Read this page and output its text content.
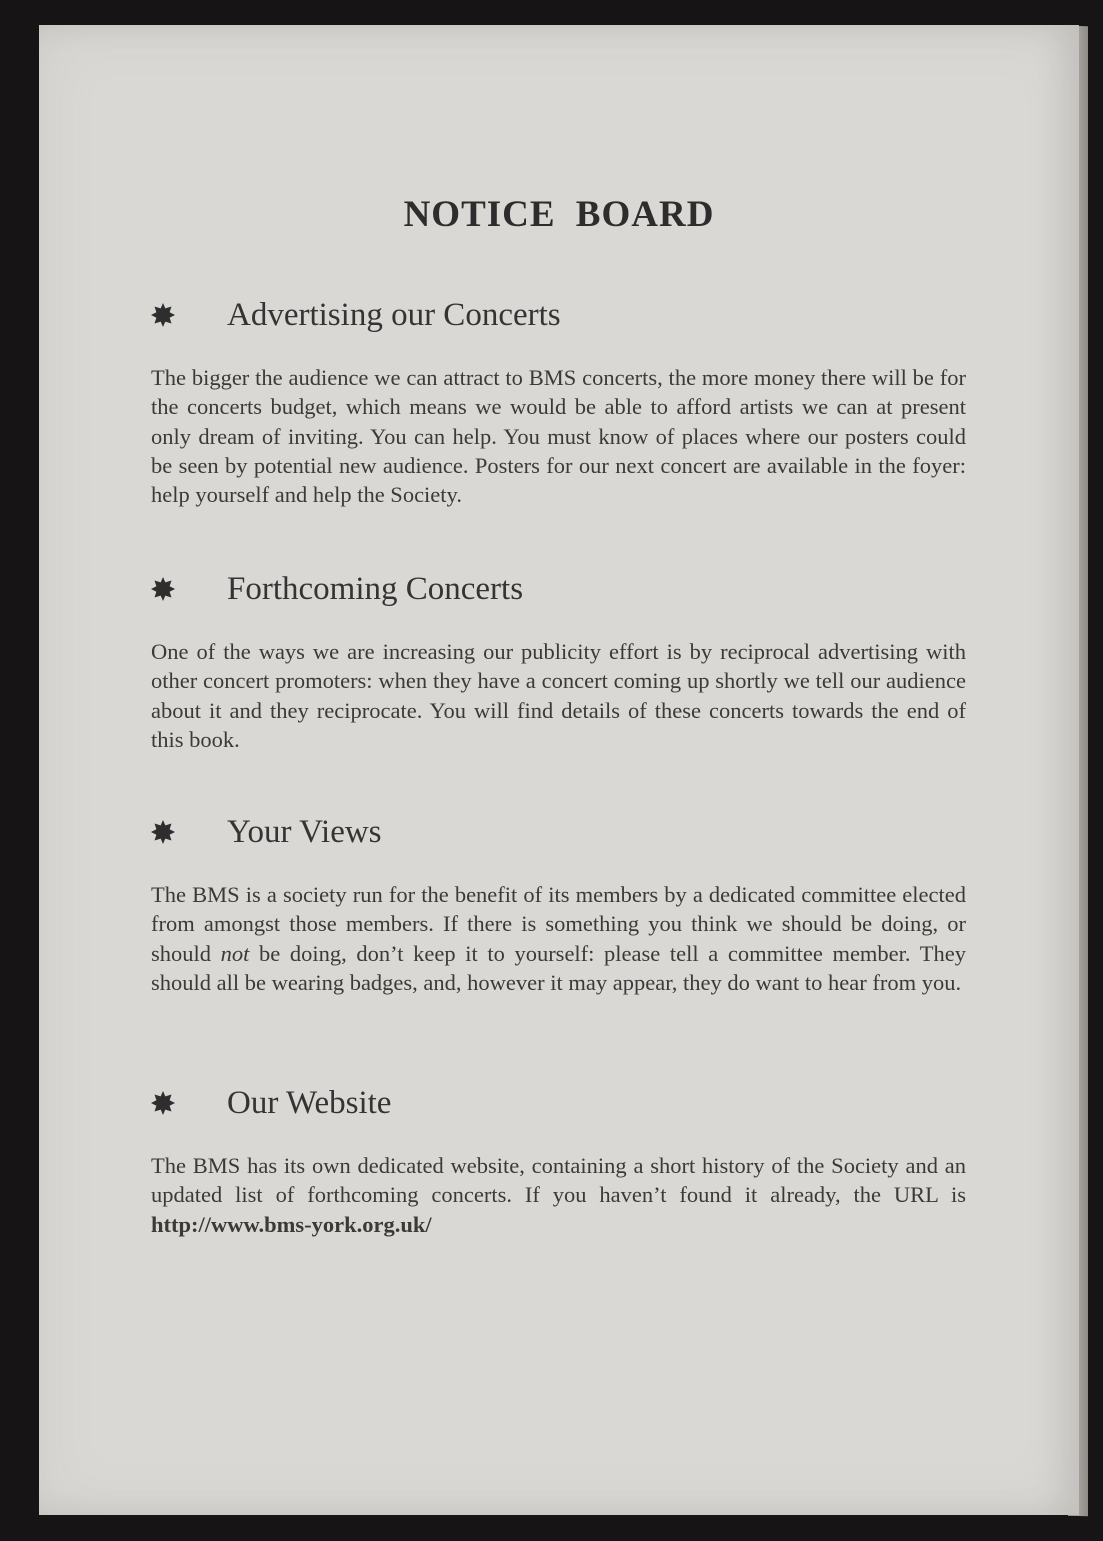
NOTICE BOARD
Advertising our Concerts

The bigger the audience we can attract to BMS concerts, the more money there will be for the concerts budget, which means we would be able to afford artists we can at present only dream of inviting. You can help. You must know of places where our posters could be seen by potential new audience. Posters for our next concert are available in the foyer: help yourself and help the Society.

Forthcoming Concerts

One of the ways we are increasing our publicity effort is by reciprocal advertising with other concert promoters: when they have a concert coming up shortly we tell our audience about it and they reciprocate. You will find details of these concerts towards the end of this book.

Your Views

The BMS is a society run for the benefit of its members by a dedicated committee elected from amongst those members. If there is something you think we should be doing, or should not be doing, don’t keep it to yourself: please tell a committee member. They should all be wearing badges, and, however it may appear, they do want to hear from you.

Our Website

The BMS has its own dedicated website, containing a short history of the Society and an updated list of forthcoming concerts. If you haven’t found it already, the URL is http://www.bms-york.org.uk/
